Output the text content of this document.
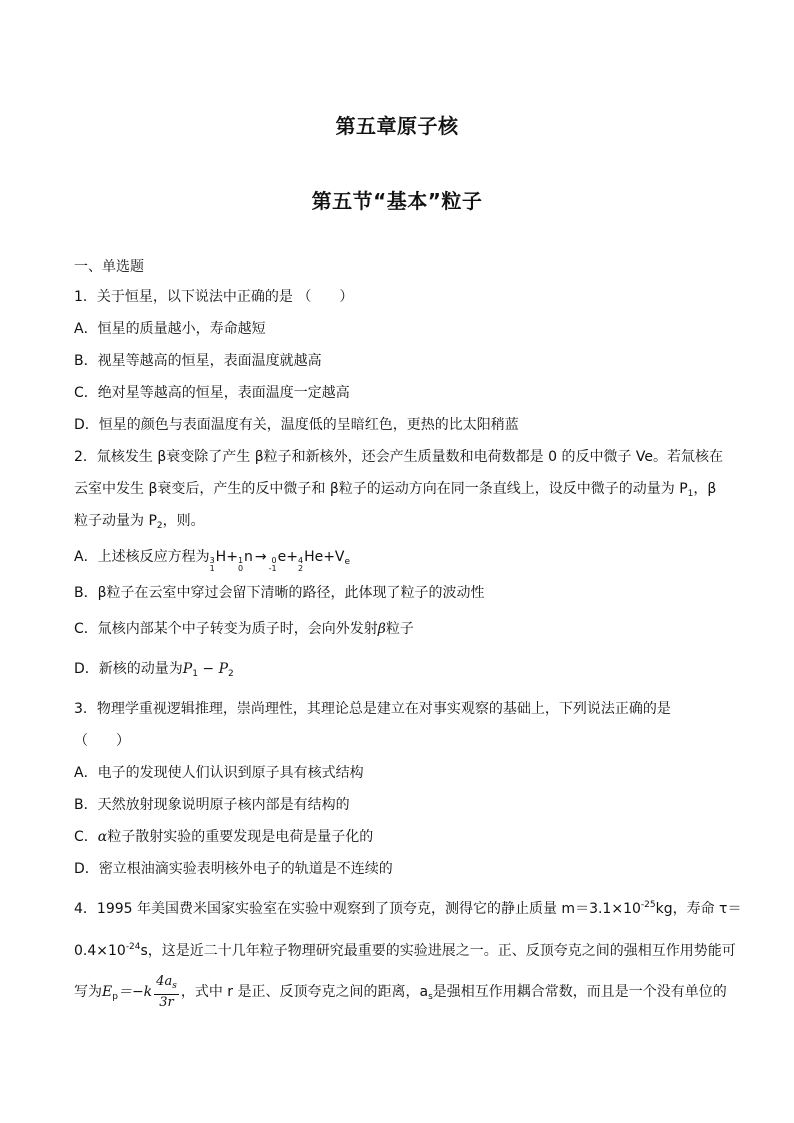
第五章原子核
第五节“基本”粒子
一、单选题
1．关于恒星，以下说法中正确的是 （　　）
A．恒星的质量越小，寿命越短
B．视星等越高的恒星，表面温度就越高
C．绝对星等越高的恒星，表面温度一定越高
D．恒星的颜色与表面温度有关，温度低的呈暗红色，更热的比太阳稍蓝
2．氚核发生 β衰变除了产生 β粒子和新核外，还会产生质量数和电荷数都是 0 的反中微子 Ve。若氚核在
云室中发生 β衰变后，产生的反中微子和 β粒子的运动方向在同一条直线上，设反中微子的动量为 $P_1$，β
粒子动量为 $P_2$，则。
A．上述核反应方程为 3
1
H+ 1
0
n → 0
-1
e+ 4
2
$He+V_e$
B．β粒子在云室中穿过会留下清晰的路径，此体现了粒子的波动性
C．氚核内部某个中子转变为质子时，会向外发射β粒子
D．新核的动量为$P_1 - P_2$
3．物理学重视逻辑推理，崇尚理性，其理论总是建立在对事实观察的基础上，下列说法正确的是
（　　）
A．电子的发现使人们认识到原子具有核式结构
B．天然放射现象说明原子核内部是有结构的
C．α粒子散射实验的重要发现是电荷是量子化的
D．密立根油滴实验表明核外电子的轨道是不连续的
4．1995 年美国费米国家实验室在实验中观察到了顶夸克，测得它的静止质量 $m=3.1\times 10^{-25}kg$，寿命 τ＝
$0.4\times 10^{-24}s$，这是近二十几年粒子物理研究最重要的实验进展之一。正、反顶夸克之间的强相互作用势能可
写为$E_p=-k \frac{4a_s}{3r}$ ，式中 r 是正、反顶夸克之间的距离，$a_s$是强相互作用耦合常数，而且是一个没有单位的
